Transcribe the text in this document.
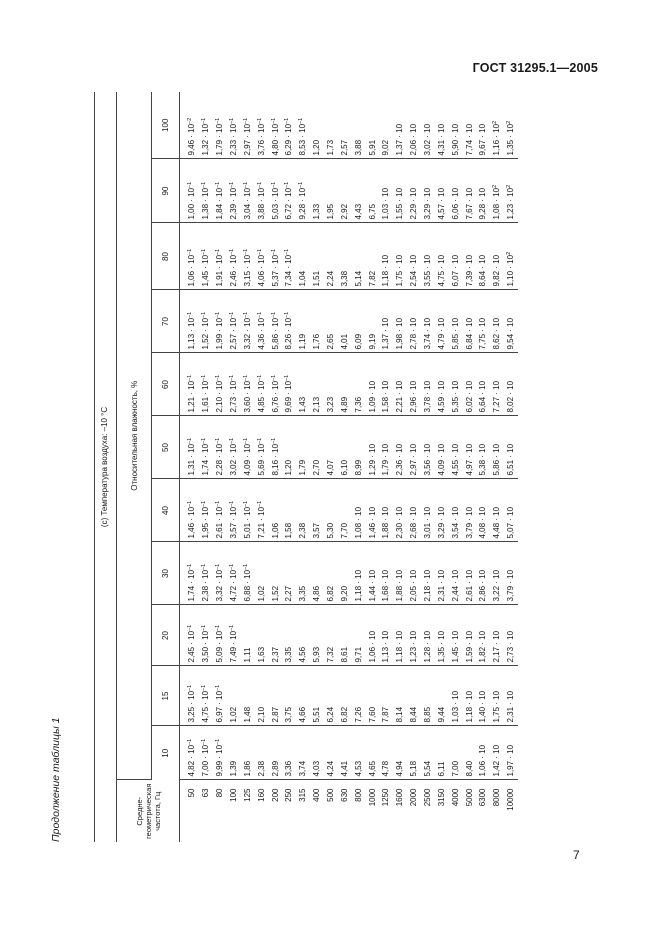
ГОСТ 31295.1—2005
Продолжение таблицы 1
(с) Температура воздуха: –10 °С											
Средне-геометрическая частота, Гц	Относительная влажность, %										
	10	15	20	30	40	50	60	70	80	90	100
50	$4,82 \cdot 10^{-1}$	$3,25 \cdot 10^{-1}$	$2,45 \cdot 10^{-1}$	$1,74 \cdot 10^{-1}$	$1,46 \cdot 10^{-1}$	$1,31 \cdot 10^{-1}$	$1,21 \cdot 10^{-1}$	$1,13 \cdot 10^{-1}$	$1,06 \cdot 10^{-1}$	$1,00 \cdot 10^{-1}$	$9,46 \cdot 10^{-2}$
63	$7,00 \cdot 10^{-1}$	$4,75 \cdot 10^{-1}$	$3,50 \cdot 10^{-1}$	$2,38 \cdot 10^{-1}$	$1,95 \cdot 10^{-1}$	$1,74 \cdot 10^{-1}$	$1,61 \cdot 10^{-1}$	$1,52 \cdot 10^{-1}$	$1,45 \cdot 10^{-1}$	$1,38 \cdot 10^{-1}$	$1,32 \cdot 10^{-1}$
80	$9,99 \cdot 10^{-1}$	$6,97 \cdot 10^{-1}$	$5,09 \cdot 10^{-1}$	$3,32 \cdot 10^{-1}$	$2,61 \cdot 10^{-1}$	$2,28 \cdot 10^{-1}$	$2,10 \cdot 10^{-1}$	$1,99 \cdot 10^{-1}$	$1,91 \cdot 10^{-1}$	$1,84 \cdot 10^{-1}$	$1,79 \cdot 10^{-1}$
100	1,39	1,02	$7,49 \cdot 10^{-1}$	$4,72 \cdot 10^{-1}$	$3,57 \cdot 10^{-1}$	$3,02 \cdot 10^{-1}$	$2,73 \cdot 10^{-1}$	$2,57 \cdot 10^{-1}$	$2,46 \cdot 10^{-1}$	$2,39 \cdot 10^{-1}$	$2,33 \cdot 10^{-1}$
125	1,86	1,48	1,11	$6,88 \cdot 10^{-1}$	$5,01 \cdot 10^{-1}$	$4,09 \cdot 10^{-1}$	$3,60 \cdot 10^{-1}$	$3,32 \cdot 10^{-1}$	$3,15 \cdot 10^{-1}$	$3,04 \cdot 10^{-1}$	$2,97 \cdot 10^{-1}$
160	2,38	2,10	1,63	1,02	$7,21 \cdot 10^{-1}$	$5,69 \cdot 10^{-1}$	$4,85 \cdot 10^{-1}$	$4,36 \cdot 10^{-1}$	$4,06 \cdot 10^{-1}$	$3,88 \cdot 10^{-1}$	$3,76 \cdot 10^{-1}$
200	2,89	2,87	2,37	1,52	1,06	$8,16 \cdot 10^{-1}$	$6,76 \cdot 10^{-1}$	$5,86 \cdot 10^{-1}$	$5,37 \cdot 10^{-1}$	$5,03 \cdot 10^{-1}$	$4,80 \cdot 10^{-1}$
250	3,36	3,75	3,35	2,27	1,58	1,20	$9,69 \cdot 10^{-1}$	$8,26 \cdot 10^{-1}$	$7,34 \cdot 10^{-1}$	$6,72 \cdot 10^{-1}$	$6,29 \cdot 10^{-1}$
315	3,74	4,66	4,56	3,35	2,38	1,79	1,43	1,19	1,04	$9,28 \cdot 10^{-1}$	$8,53 \cdot 10^{-1}$
400	4,03	5,51	5,93	4,86	3,57	2,70	2,13	1,76	1,51	1,33	1,20
500	4,24	6,24	7,32	6,82	5,30	4,07	3,23	2,65	2,24	1,95	1,73
630	4,41	6,82	8,61	9,20	7,70	6,10	4,89	4,01	3,38	2,92	2,57
800	4,53	7,26	9,71	1,18 · 10	1,08 · 10	8,99	7,36	6,09	5,14	4,43	3,88
1000	4,65	7,60	1,06 · 10	1,44 · 10	1,46 · 10	1,29 · 10	1,09 · 10	9,19	7,82	6,75	5,91
1250	4,78	7,87	1,13 · 10	1,68 · 10	1,88 · 10	1,79 · 10	1,58 · 10	1,37 · 10	1,18 · 10	1,03 · 10	9,02
1600	4,94	8,14	1,18 · 10	1,88 · 10	2,30 · 10	2,36 · 10	2,21 · 10	1,98 · 10	1,75 · 10	1,55 · 10	1,37 · 10
2000	5,18	8,44	1,23 · 10	2,05 · 10	2,68 · 10	2,97 · 10	2,96 · 10	2,78 · 10	2,54 · 10	2,29 · 10	2,06 · 10
2500	5,54	8,85	1,28 · 10	2,18 · 10	3,01 · 10	3,56 · 10	3,78 · 10	3,74 · 10	3,55 · 10	3,29 · 10	3,02 · 10
3150	6,11	9,44	1,35 · 10	2,31 · 10	3,29 · 10	4,09 · 10	4,59 · 10	4,79 · 10	4,75 · 10	4,57 · 10	4,31 · 10
4000	7,00	1,03 · 10	1,45 · 10	2,44 · 10	3,54 · 10	4,55 · 10	5,35 · 10	5,85 · 10	6,07 · 10	6,06 · 10	5,90 · 10
5000	8,40	1,18 · 10	1,59 · 10	2,61 · 10	3,79 · 10	4,97 · 10	6,02 · 10	6,84 · 10	7,39 · 10	7,67 · 10	7,74 · 10
6300	1,06 · 10	1,40 · 10	1,82 · 10	2,86 · 10	4,08 · 10	5,38 · 10	6,64 · 10	7,75 · 10	8,64 · 10	9,28 · 10	9,67 · 10
8000	1,42 · 10	1,75 · 10	2,17 · 10	3,22 · 10	4,48 · 10	5,86 · 10	7,27 · 10	8,62 · 10	9,82 · 10	$1,08 \cdot 10^2$	$1,16 \cdot 10^2$
10000	1,97 · 10	2,31 · 10	2,73 · 10	3,79 · 10	5,07 · 10	6,51 · 10	8,02 · 10	9,54 · 10	$1,10 \cdot 10^2$	$1,23 \cdot 10^2$	$1,35 \cdot 10^2$
7
